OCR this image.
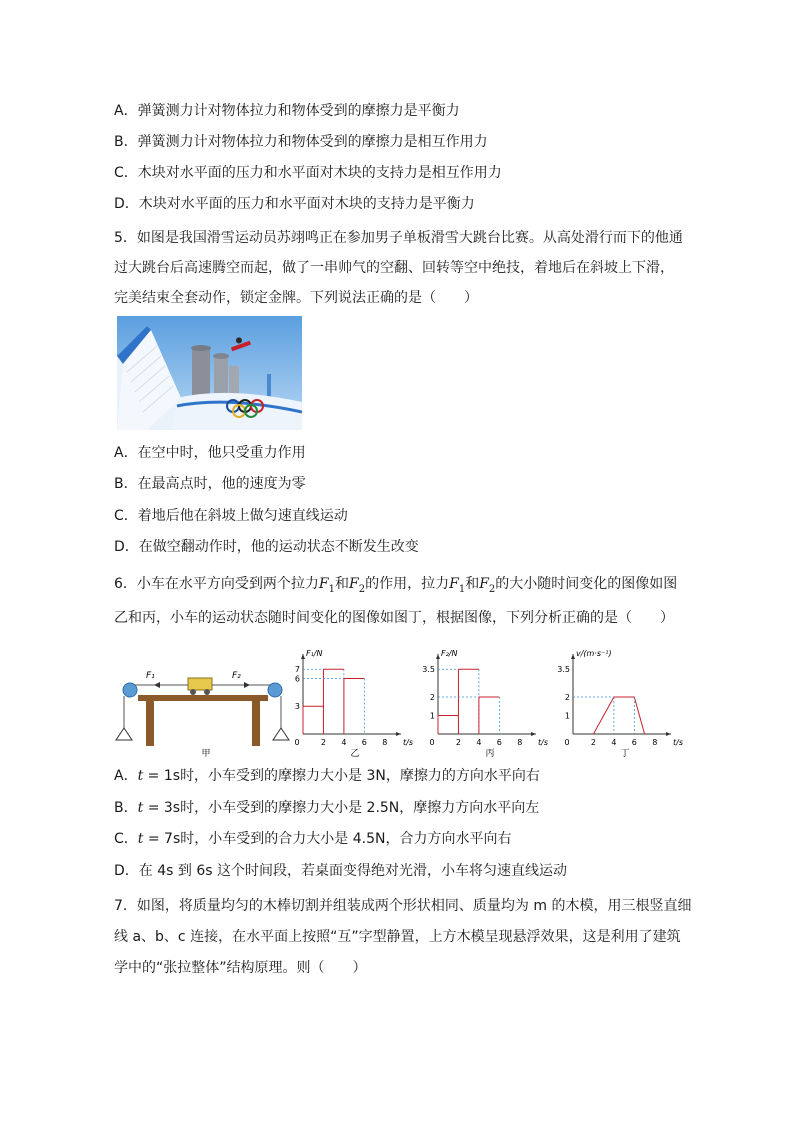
A．弹簧测力计对物体拉力和物体受到的摩擦力是平衡力
B．弹簧测力计对物体拉力和物体受到的摩擦力是相互作用力
C．木块对水平面的压力和水平面对木块的支持力是相互作用力
D．木块对水平面的压力和水平面对木块的支持力是平衡力
5．如图是我国滑雪运动员苏翊鸣正在参加男子单板滑雪大跳台比赛。从高处滑行而下的他通
过大跳台后高速腾空而起，做了一串帅气的空翻、回转等空中绝技，着地后在斜坡上下滑，
完美结束全套动作，锁定金牌。下列说法正确的是（　　）
A．在空中时，他只受重力作用
B．在最高点时，他的速度为零
C．着地后他在斜坡上做匀速直线运动
D．在做空翻动作时，他的运动状态不断发生改变
6．小车在水平方向受到两个拉力$F_1$和$F_2$的作用，拉力$F_1$和$F_2$的大小随时间变化的图像如图
乙和丙，小车的运动状态随时间变化的图像如图丁，根据图像，下列分析正确的是（　　）
F₁	F₂
甲
0	2 4 6 8
7
6
3
F₁/N
t/s
乙
0	2 4 6 8
3.5
2
1
F₂/N
t/s
丙
0	2 4 6 8
3.5
2
1
v/(m·s⁻¹)
t/s
丁
A．t = 1s时，小车受到的摩擦力大小是 3N，摩擦力的方向水平向右
B．t = 3s时，小车受到的摩擦力大小是 2.5N，摩擦力方向水平向左
C．t = 7s时，小车受到的合力大小是 4.5N，合力方向水平向右
D．在 4s 到 6s 这个时间段，若桌面变得绝对光滑，小车将匀速直线运动
7．如图，将质量均匀的木棒切割并组装成两个形状相同、质量均为 m 的木模，用三根竖直细
线 a、b、c 连接，在水平面上按照“互”字型静置，上方木模呈现悬浮效果，这是利用了建筑
学中的“张拉整体”结构原理。则（　　）
